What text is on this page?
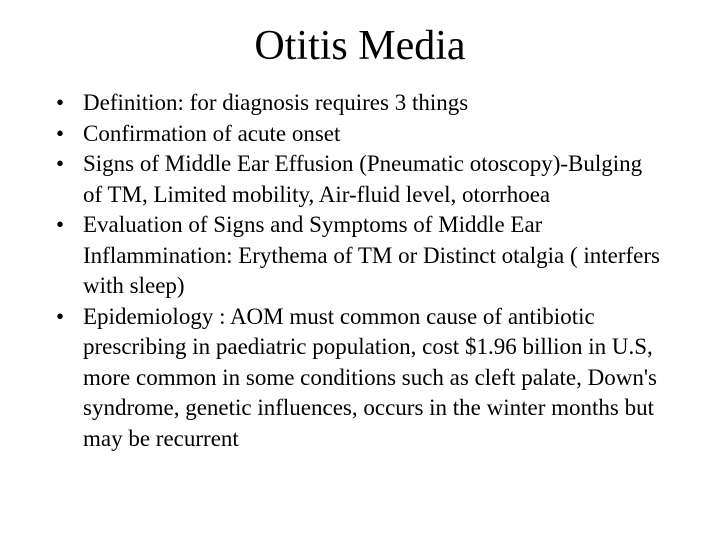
Otitis Media
• Definition: for diagnosis requires 3 things
• Confirmation of acute onset
• Signs of Middle Ear Effusion (Pneumatic otoscopy)-Bulging of TM, Limited mobility, Air-fluid level, otorrhoea
• Evaluation of Signs and Symptoms of Middle Ear Inflammination: Erythema of TM or Distinct otalgia ( interfers with sleep)
• Epidemiology : AOM must common cause of antibiotic prescribing in paediatric population, cost $1.96 billion in U.S, more common in some conditions such as cleft palate, Down's syndrome, genetic influences, occurs in the winter months but may be recurrent
